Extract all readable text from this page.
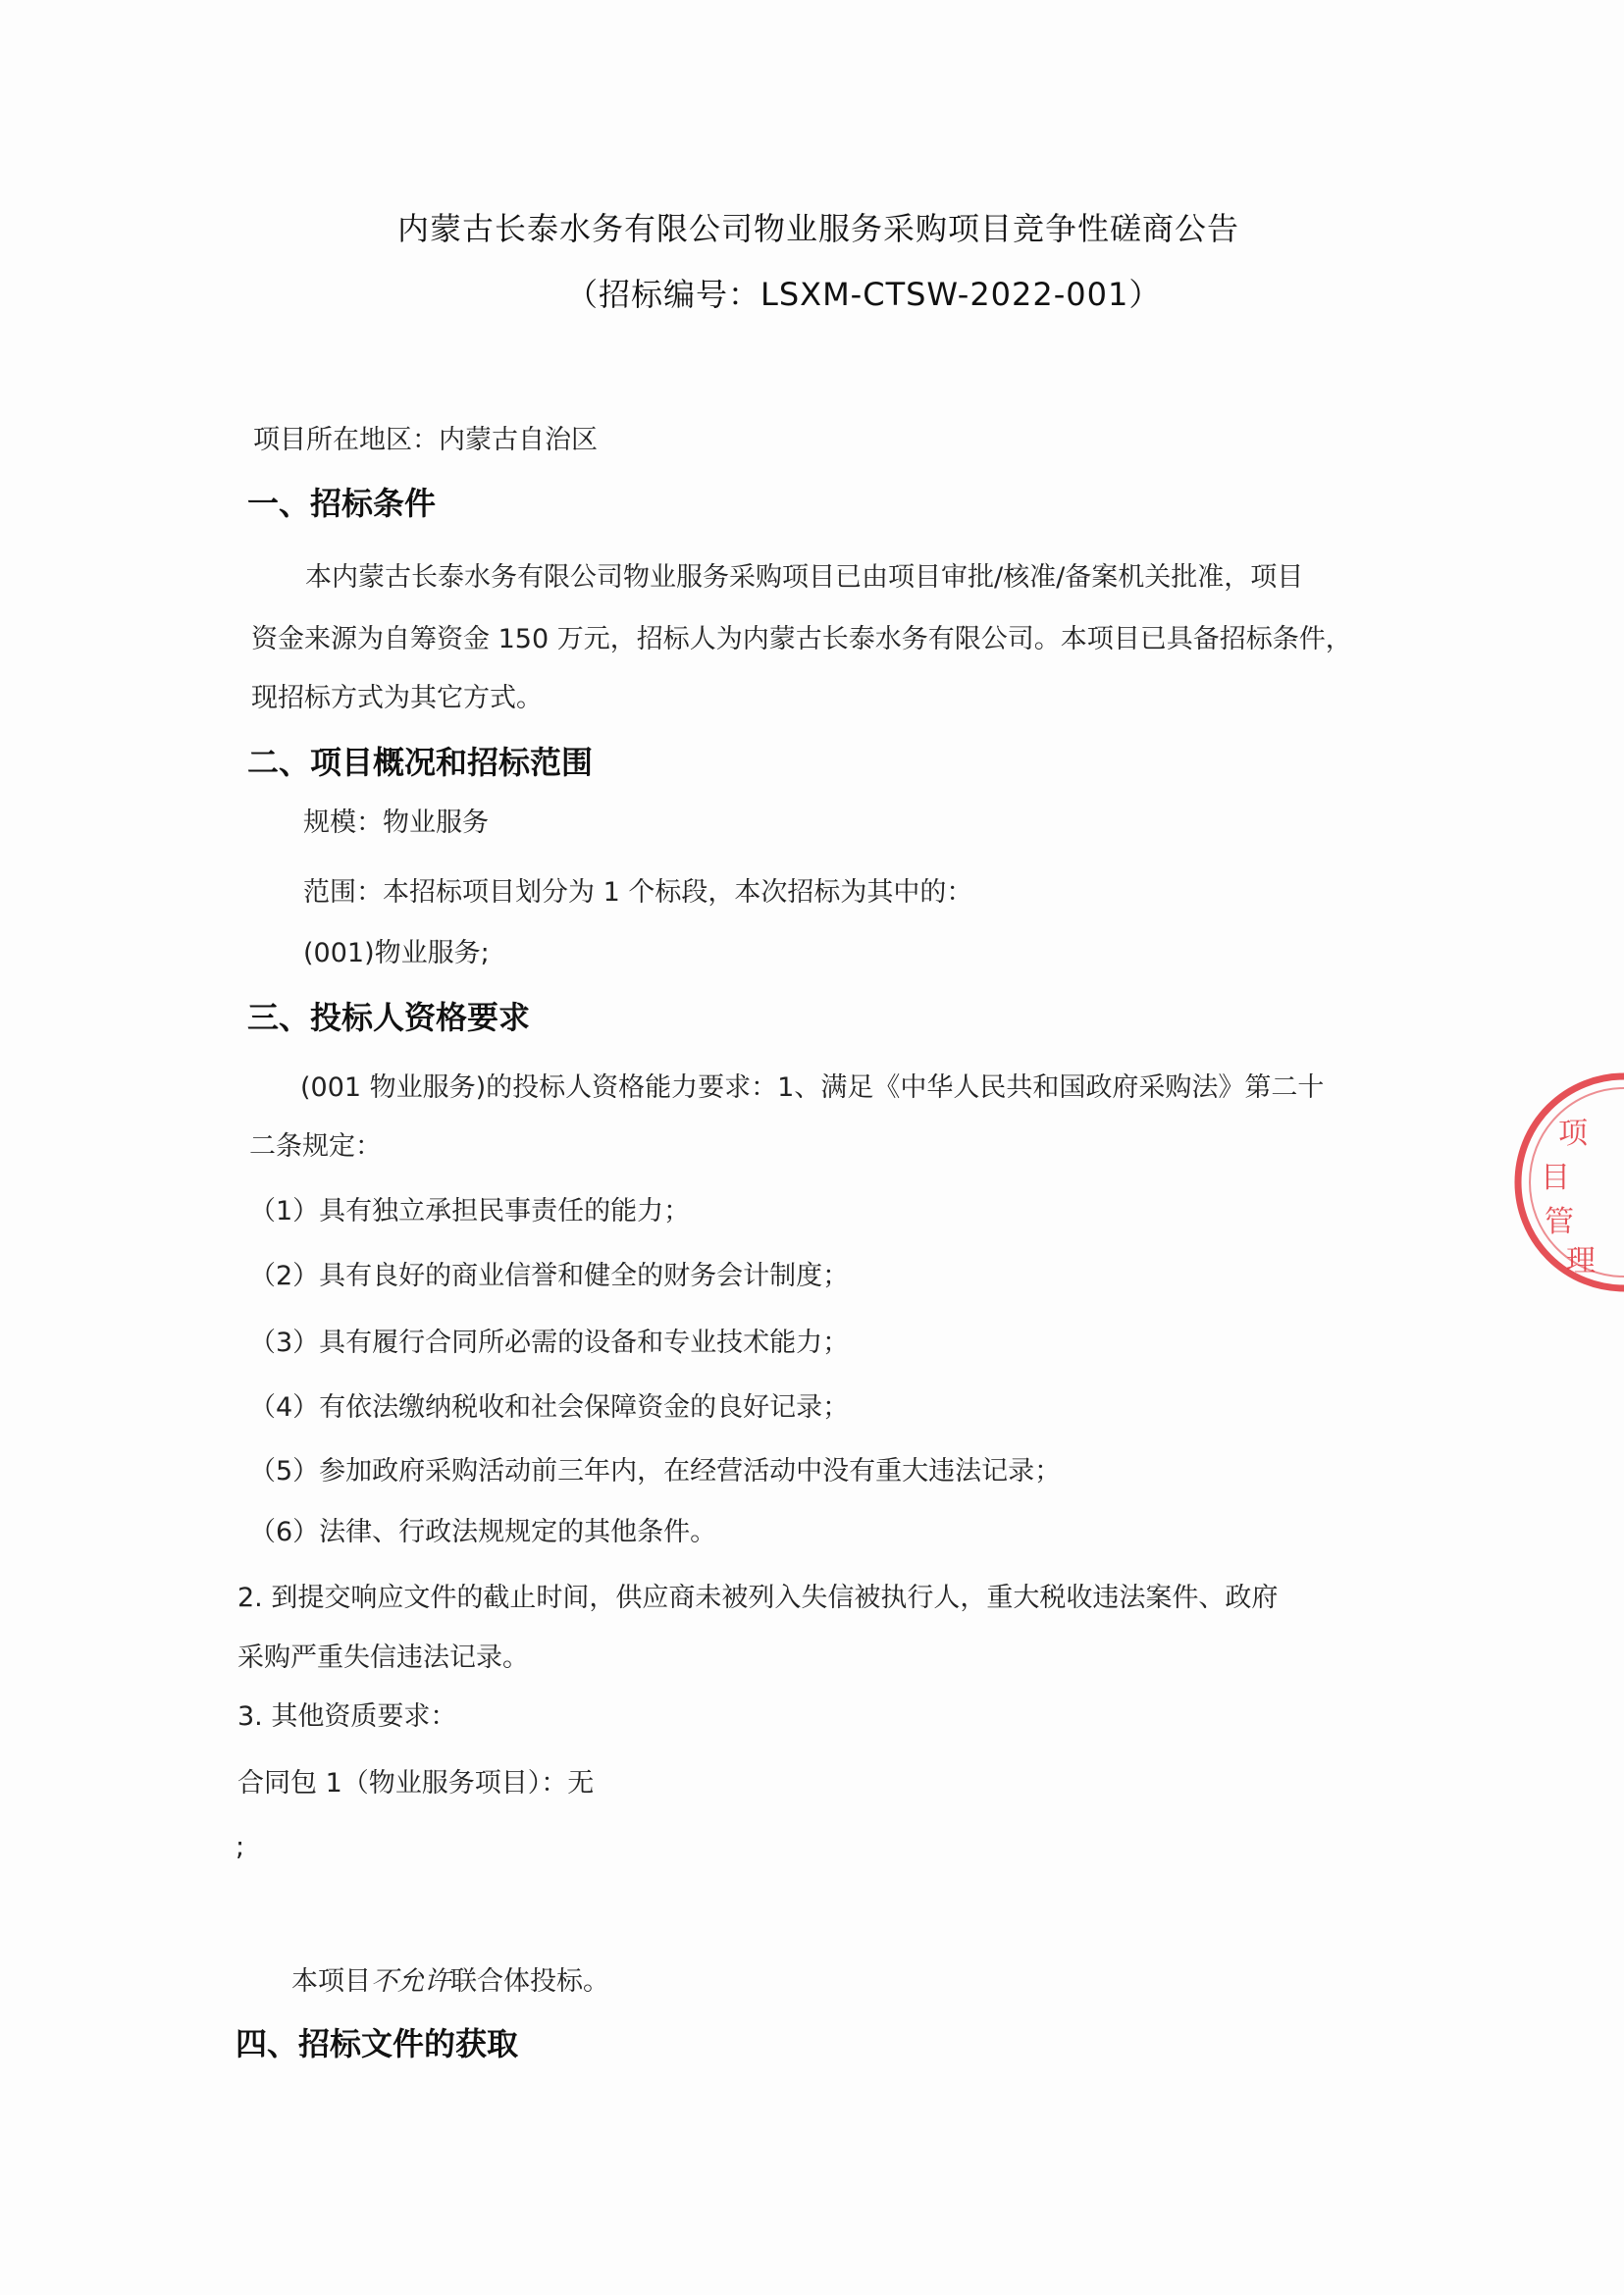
内蒙古长泰水务有限公司物业服务采购项目竞争性磋商公告
（招标编号：LSXM-CTSW-2022-001）
项目所在地区：内蒙古自治区
一、招标条件
本内蒙古长泰水务有限公司物业服务采购项目已由项目审批/核准/备案机关批准，项目
资金来源为自筹资金 150 万元，招标人为内蒙古长泰水务有限公司。本项目已具备招标条件，
现招标方式为其它方式。
二、项目概况和招标范围
规模：物业服务
范围：本招标项目划分为 1 个标段，本次招标为其中的：
(001)物业服务;
三、投标人资格要求
(001 物业服务)的投标人资格能力要求：1、满足《中华人民共和国政府采购法》第二十
二条规定：
（1）具有独立承担民事责任的能力；
（2）具有良好的商业信誉和健全的财务会计制度；
（3）具有履行合同所必需的设备和专业技术能力；
（4）有依法缴纳税收和社会保障资金的良好记录；
（5）参加政府采购活动前三年内，在经营活动中没有重大违法记录；
（6）法律、行政法规规定的其他条件。
2. 到提交响应文件的截止时间，供应商未被列入失信被执行人，重大税收违法案件、政府
采购严重失信违法记录。
3. 其他资质要求：
合同包 1（物业服务项目）：无
;
本项目不允许联合体投标。
四、招标文件的获取
项
目
管
理
